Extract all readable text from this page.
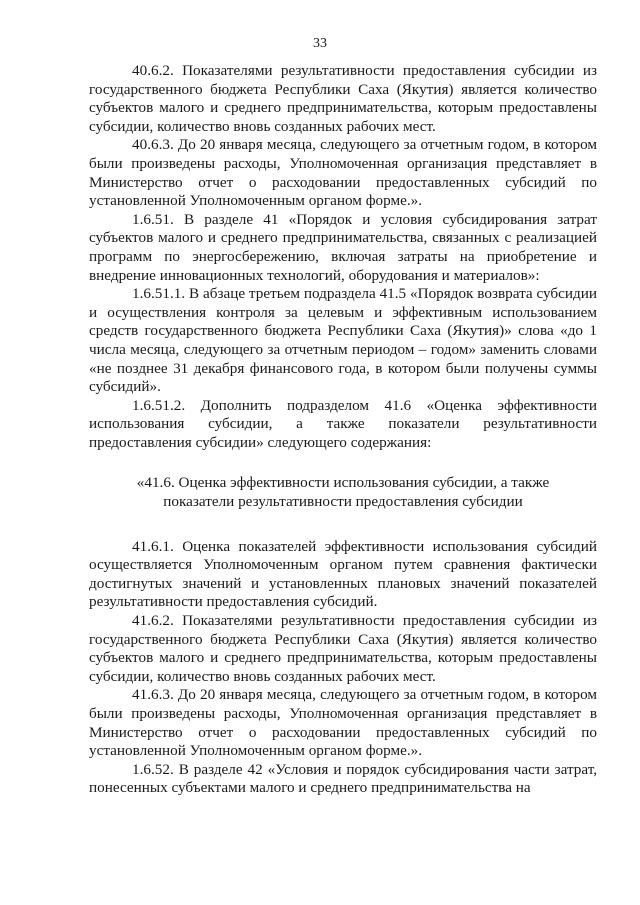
33

40.6.2. Показателями результативности предоставления субсидии из государственного бюджета Республики Саха (Якутия) является количество субъектов малого и среднего предпринимательства, которым предоставлены субсидии, количество вновь созданных рабочих мест.

40.6.3. До 20 января месяца, следующего за отчетным годом, в котором были произведены расходы, Уполномоченная организация представляет в Министерство отчет о расходовании предоставленных субсидий по установленной Уполномоченным органом форме.».

1.6.51. В разделе 41 «Порядок и условия субсидирования затрат субъектов малого и среднего предпринимательства, связанных с реализацией программ по энергосбережению, включая затраты на приобретение и внедрение инновационных технологий, оборудования и материалов»:

1.6.51.1. В абзаце третьем подраздела 41.5 «Порядок возврата субсидии и осуществления контроля за целевым и эффективным использованием средств государственного бюджета Республики Саха (Якутия)» слова «до 1 числа месяца, следующего за отчетным периодом – годом» заменить словами «не позднее 31 декабря финансового года, в котором были получены суммы субсидий».

1.6.51.2. Дополнить подразделом 41.6 «Оценка эффективности использования субсидии, а также показатели результативности предоставления субсидии» следующего содержания:

«41.6. Оценка эффективности использования субсидии, а также
показатели результативности предоставления субсидии

41.6.1. Оценка показателей эффективности использования субсидий осуществляется Уполномоченным органом путем сравнения фактически достигнутых значений и установленных плановых значений показателей результативности предоставления субсидий.

41.6.2. Показателями результативности предоставления субсидии из государственного бюджета Республики Саха (Якутия) является количество субъектов малого и среднего предпринимательства, которым предоставлены субсидии, количество вновь созданных рабочих мест.

41.6.3. До 20 января месяца, следующего за отчетным годом, в котором были произведены расходы, Уполномоченная организация представляет в Министерство отчет о расходовании предоставленных субсидий по установленной Уполномоченным органом форме.».

1.6.52. В разделе 42 «Условия и порядок субсидирования части затрат, понесенных субъектами малого и среднего предпринимательства на
